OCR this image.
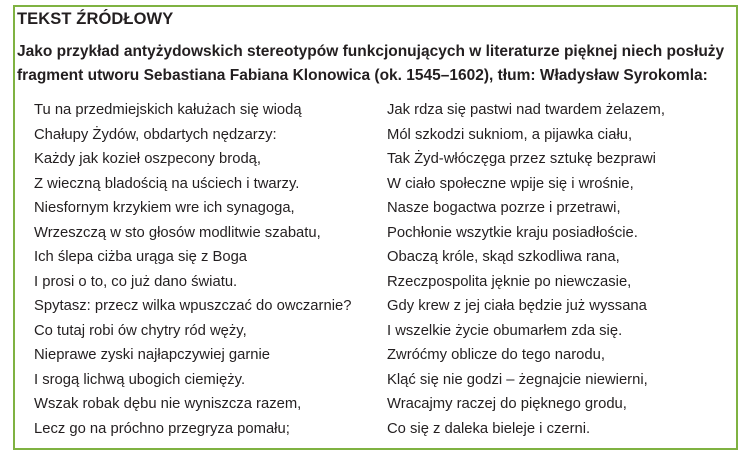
TEKST ŹRÓDŁOWY

Jako przykład antyżydowskich stereotypów funkcjonujących w literaturze pięknej niech posłuży
fragment utworu Sebastiana Fabiana Klonowica (ok. 1545–1602), tłum: Władysław Syrokomla:

Tu na przedmiejskich kałużach się wiodą
Chałupy Żydów, obdartych nędzarzy:
Każdy jak kozieł oszpecony brodą,
Z wieczną bladością na uściech i twarzy.
Niesfornym krzykiem wre ich synagoga,
Wrzeszczą w sto głosów modlitwie szabatu,
Ich ślepa ciżba urąga się z Boga
I prosi o to, co już dano światu.
Spytasz: przecz wilka wpuszczać do owczarnie?
Co tutaj robi ów chytry ród węży,
Nieprawe zyski najłapczywiej garnie
I srogą lichwą ubogich ciemięży.
Wszak robak dębu nie wyniszcza razem,
Lecz go na próchno przegryza pomału;
Jak rdza się pastwi nad twardem żelazem,
Mól szkodzi sukniom, a pijawka ciału,
Tak Żyd-włóczęga przez sztukę bezprawi
W ciało społeczne wpije się i wrośnie,
Nasze bogactwa pozrze i przetrawi,
Pochłonie wszytkie kraju posiadłoście.
Obaczą króle, skąd szkodliwa rana,
Rzeczpospolita jęknie po niewczasie,
Gdy krew z jej ciała będzie już wyssana
I wszelkie życie obumarłem zda się.
Zwróćmy oblicze do tego narodu,
Kląć się nie godzi – żegnajcie niewierni,
Wracajmy raczej do pięknego grodu,
Co się z daleka bieleje i czerni.
